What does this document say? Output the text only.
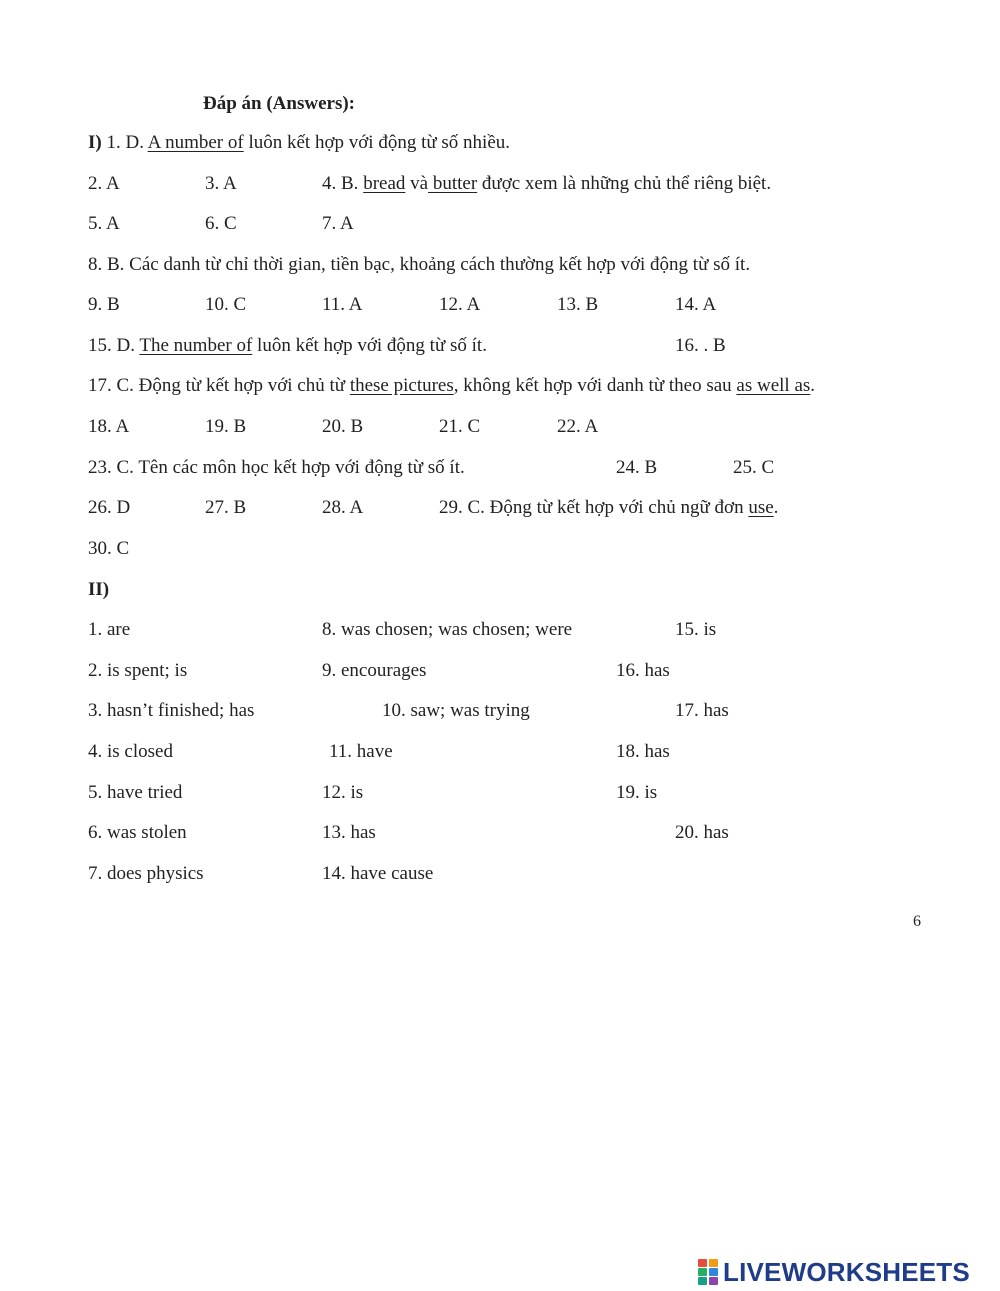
Đáp án (Answers):
I) 1. D. A number of luôn kết hợp với động từ số nhiều.
2. A	3. A	4. B. bread và butter được xem là những chủ thể riêng biệt.
5. A	6. C	7. A
8. B. Các danh từ chỉ thời gian, tiền bạc, khoảng cách thường kết hợp với động từ số ít.
9. B	10. C	11. A	12. A	13. B	14. A
15. D. The number of luôn kết hợp với động từ số ít.	16. . B
17. C. Động từ kết hợp với chủ từ these pictures, không kết hợp với danh từ theo sau as well as.
18. A	19. B	20. B	21. C	22. A
23. C. Tên các môn học kết hợp với động từ số ít.	24. B	25. C
26. D	27. B	28. A	29. C. Động từ kết hợp với chủ ngữ đơn use.
30. C
II)
1. are	8. was chosen; was chosen; were	15. is
2. is spent; is	9. encourages	16. has
3. hasn’t finished; has	10. saw; was trying	17. has
4. is closed	11. have	18. has
5. have tried	12. is	19. is
6. was stolen	13. has	20. has
7. does physics	14. have cause
6
LIVEWORKSHEETS
